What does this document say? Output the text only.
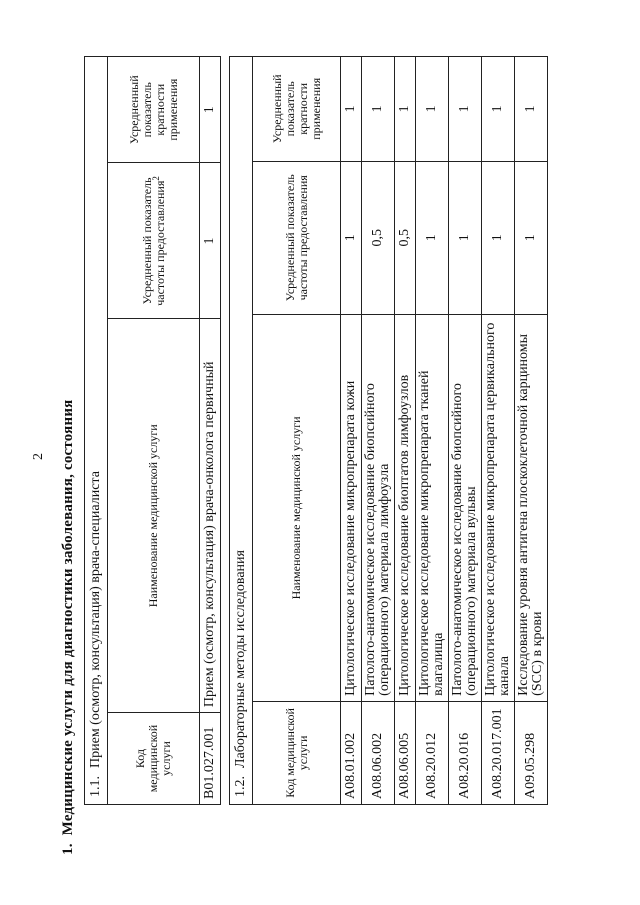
2
1.Медицинские услуги для диагностики заболевания, состояния 1.1.Прием (осмотр, консультация) врача-специалиста			
Код медицинской услуги	Наименование медицинской услуги	Усредненный показатель частоты предоставления$^2$	Усредненный показатель кратности применения
B01.027.001	Прием (осмотр, консультация) врача-онколога первичный	1	1
1.2.Лабораторные методы исследования			
Код медицинской услуги	Наименование медицинской услуги	Усредненный показатель частоты предоставления	Усредненный показатель кратности применения
A08.01.002	Цитологическое исследование микропрепарата кожи	1	1
A08.06.002	Патолого-анатомическое исследование биопсийного (операционного) материала лимфоузла	0,5	1
A08.06.005	Цитологическое исследование биоптатов лимфоузлов	0,5	1
A08.20.012	Цитологическое исследование микропрепарата тканей влагалища	1	1
A08.20.016	Патолого-анатомическое исследование биопсийного (операционного) материала вульвы	1	1
A08.20.017.001	Цитологическое исследование микропрепарата цервикального канала	1	1
A09.05.298	Исследование уровня антигена плоскоклеточной карциномы (SCC) в крови	1	1
